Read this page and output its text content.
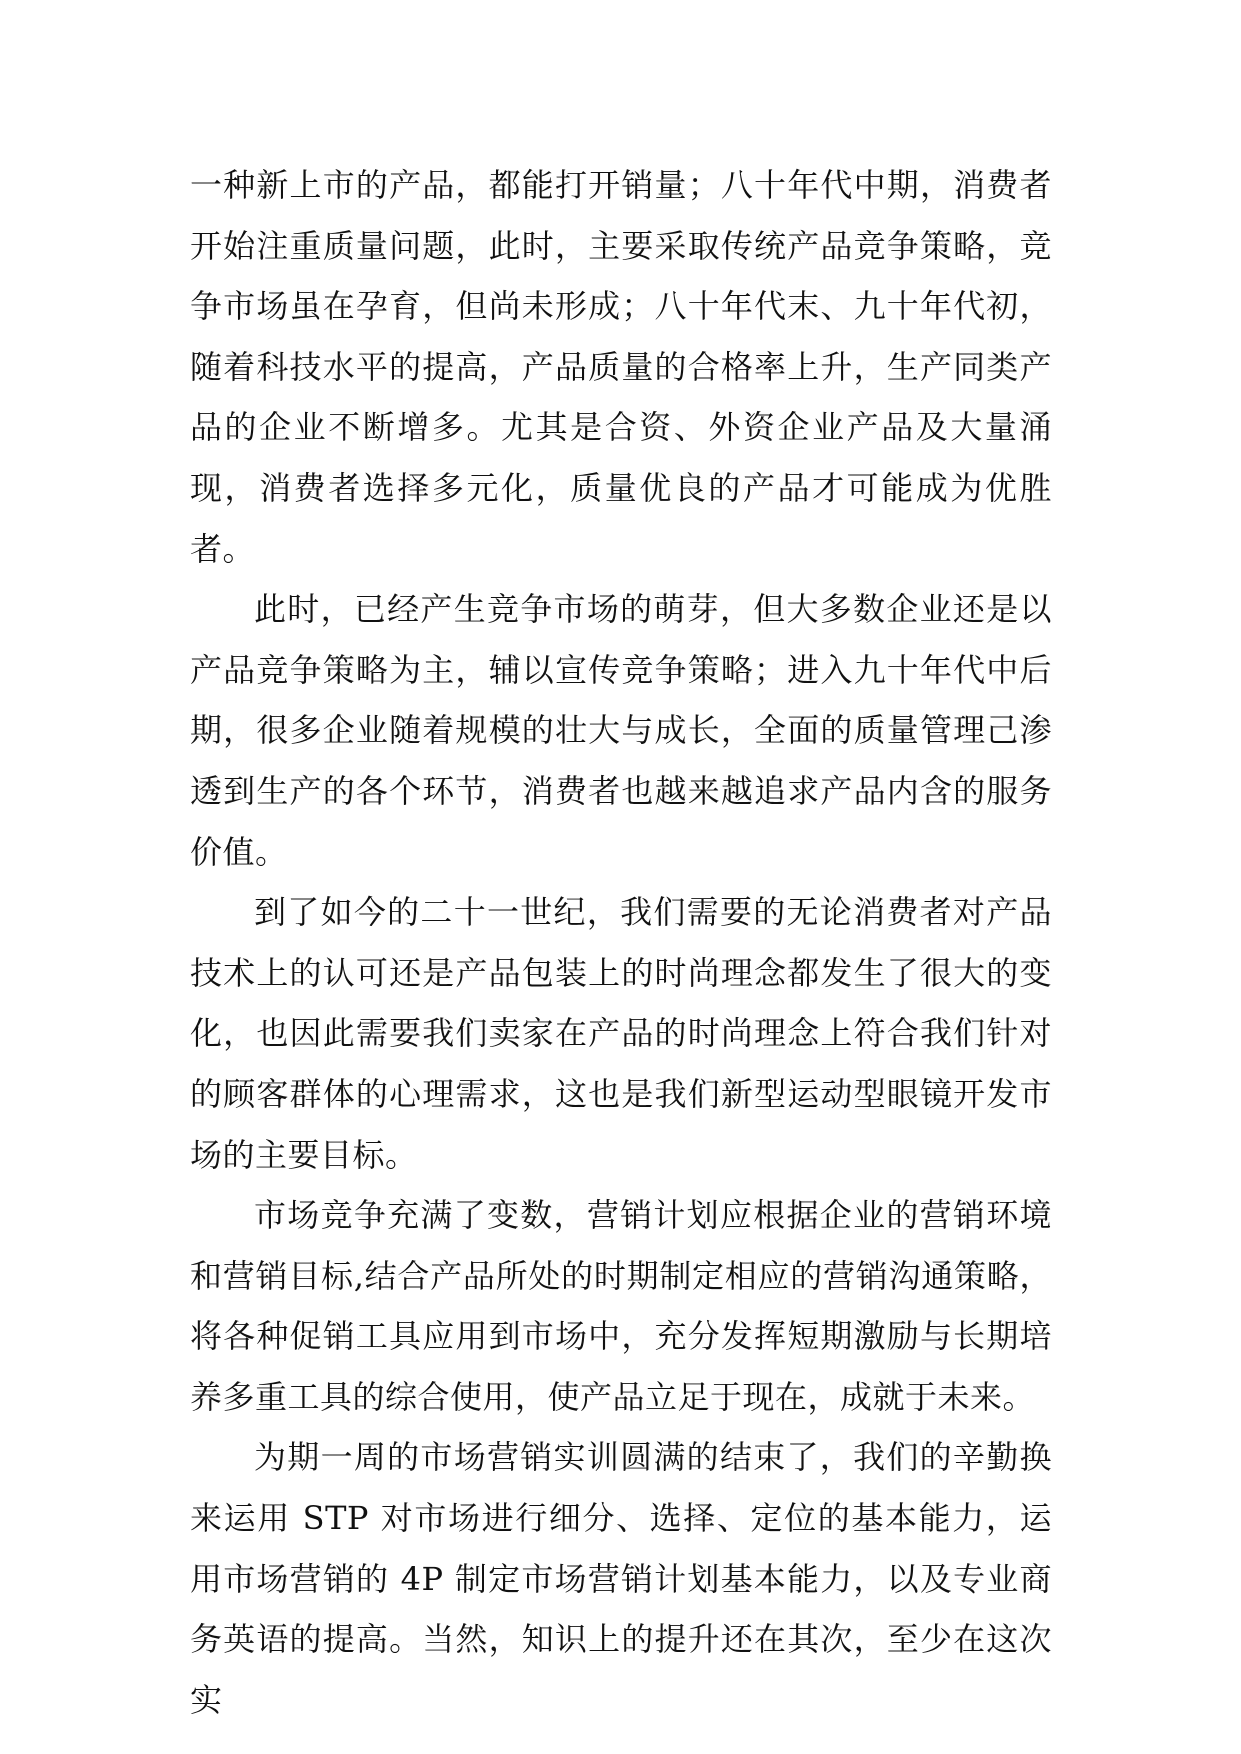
一种新上市的产品，都能打开销量；八十年代中期，消费者开始注重质量问题，此时，主要采取传统产品竞争策略，竞争市场虽在孕育，但尚未形成；八十年代末、九十年代初，随着科技水平的提高，产品质量的合格率上升，生产同类产品的企业不断增多。尤其是合资、外资企业产品及大量涌现，消费者选择多元化，质量优良的产品才可能成为优胜者。

此时，已经产生竞争市场的萌芽，但大多数企业还是以产品竞争策略为主，辅以宣传竞争策略；进入九十年代中后期，很多企业随着规模的壮大与成长，全面的质量管理己渗透到生产的各个环节，消费者也越来越追求产品内含的服务价值。

到了如今的二十一世纪，我们需要的无论消费者对产品技术上的认可还是产品包装上的时尚理念都发生了很大的变化，也因此需要我们卖家在产品的时尚理念上符合我们针对的顾客群体的心理需求，这也是我们新型运动型眼镜开发市场的主要目标。

市场竞争充满了变数，营销计划应根据企业的营销环境和营销目标,结合产品所处的时期制定相应的营销沟通策略，将各种促销工具应用到市场中，充分发挥短期激励与长期培养多重工具的综合使用，使产品立足于现在，成就于未来。

为期一周的市场营销实训圆满的结束了，我们的辛勤换来运用 STP 对市场进行细分、选择、定位的基本能力，运用市场营销的 4P 制定市场营销计划基本能力，以及专业商务英语的提高。当然，知识上的提升还在其次，至少在这次实
